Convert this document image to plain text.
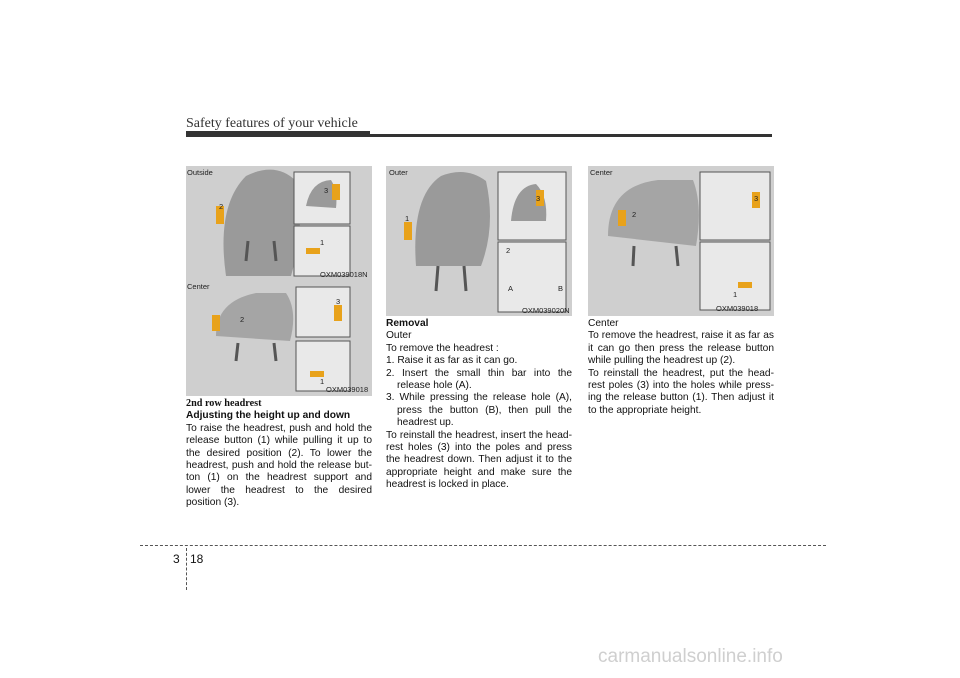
Safety features of your vehicle
Outside
OXM039018N
2
3
1
Center
OXM039018
2
3
1
Outer
OXM039020N
1
3
2
A	B
Center
OXM039018
2
3
1

2nd row headrest

Adjusting the height up and down

To raise the headrest, push and hold the release button (1) while pulling it up to the desired position (2). To lower the headrest, push and hold the release but-ton (1) on the headrest support and lower the headrest to the desired position (3).

Removal

Outer

To remove the headrest :

1. Raise it as far as it can go.
2. Insert the small thin bar into the release hole (A).
3. While pressing the release hole (A), press the button (B), then pull the headrest up.

To reinstall the headrest, insert the head-rest holes (3) into the poles and press the headrest down. Then adjust it to the appropriate height and make sure the headrest is locked in place.

Center

To remove the headrest, raise it as far as it can go then press the release button while pulling the headrest up (2).

To reinstall the headrest, put the head-rest poles (3) into the holes while press-ing the release button (1). Then adjust it to the appropriate height.

3 18
carmanualsonline.info
